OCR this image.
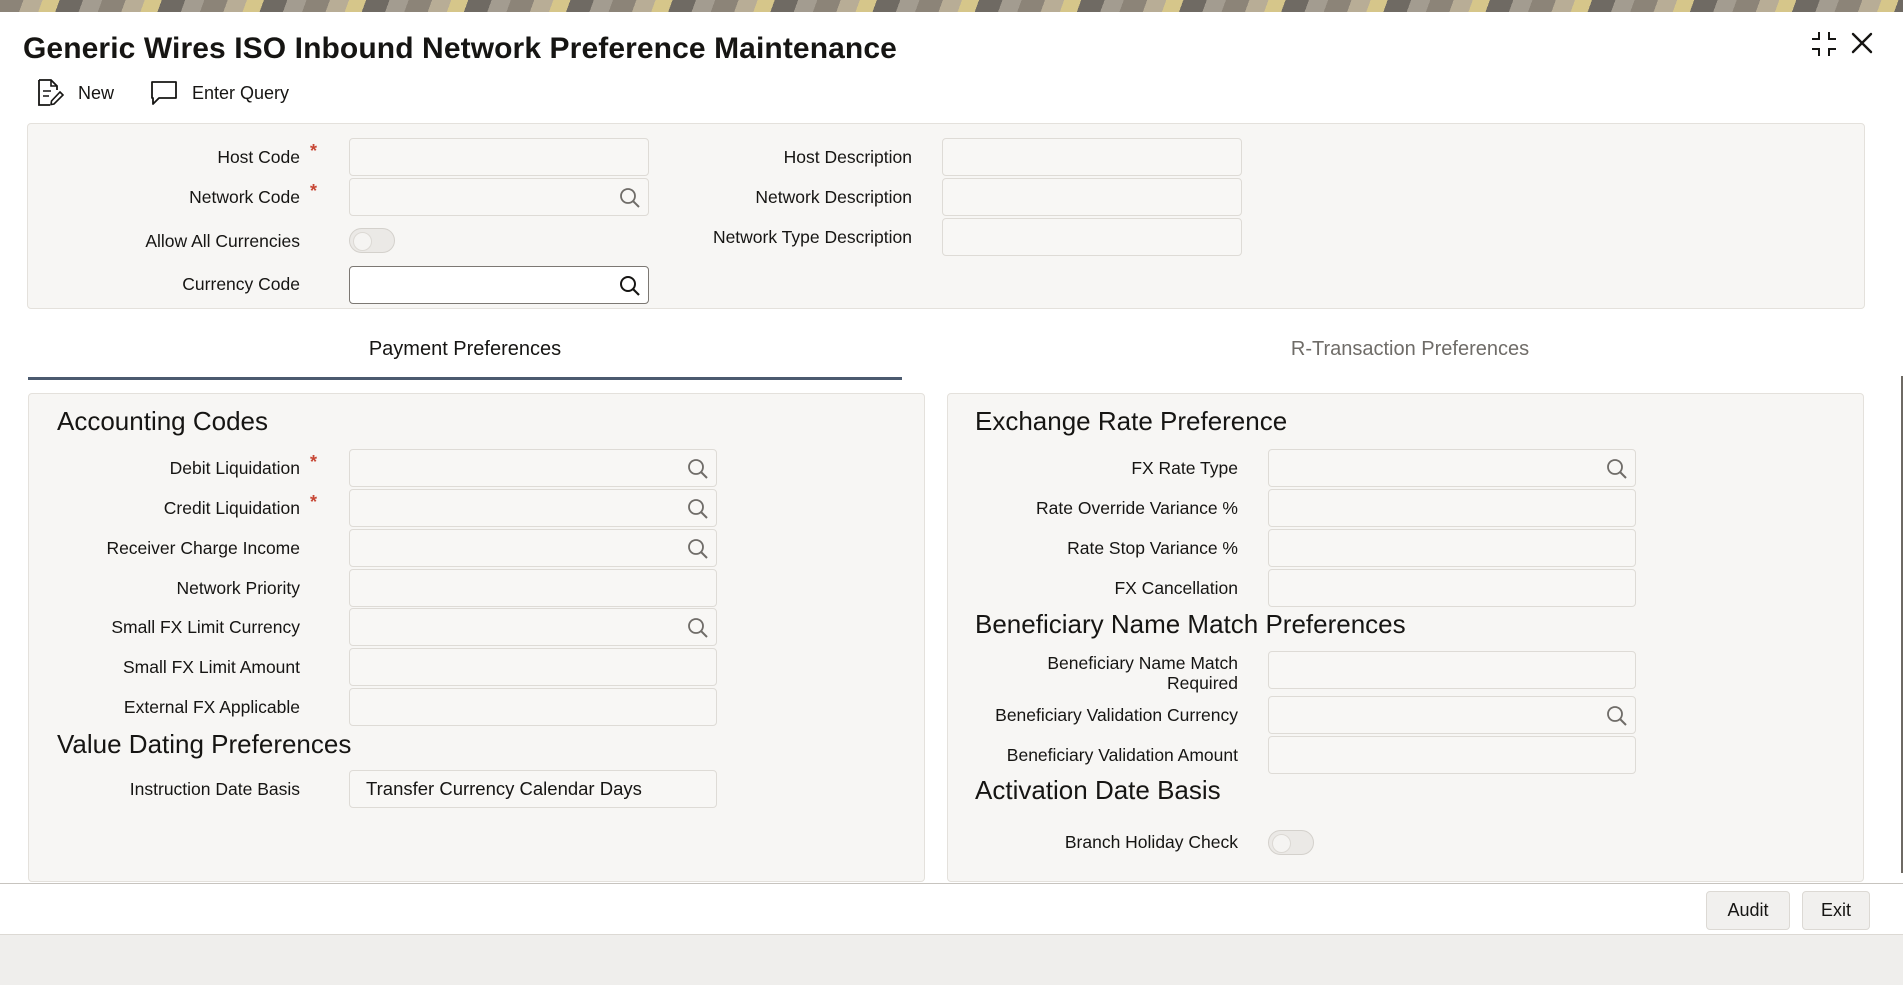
Generic Wires ISO Inbound Network Preference Maintenance
New	Enter Query
Host Code *
Network Code *
Allow All Currencies
Currency Code
Host Description
Network Description
Network Type Description
Payment Preferences	R-Transaction Preferences
Accounting Codes
Debit Liquidation *
Credit Liquidation *
Receiver Charge Income
Network Priority
Small FX Limit Currency
Small FX Limit Amount
External FX Applicable
Value Dating Preferences
Instruction Date Basis	Transfer Currency Calendar Days
Exchange Rate Preference
FX Rate Type
Rate Override Variance %
Rate Stop Variance %
FX Cancellation
Beneficiary Name Match Preferences
Beneficiary Name Match
Required
Beneficiary Validation Currency
Beneficiary Validation Amount
Activation Date Basis
Branch Holiday Check
Audit	Exit
